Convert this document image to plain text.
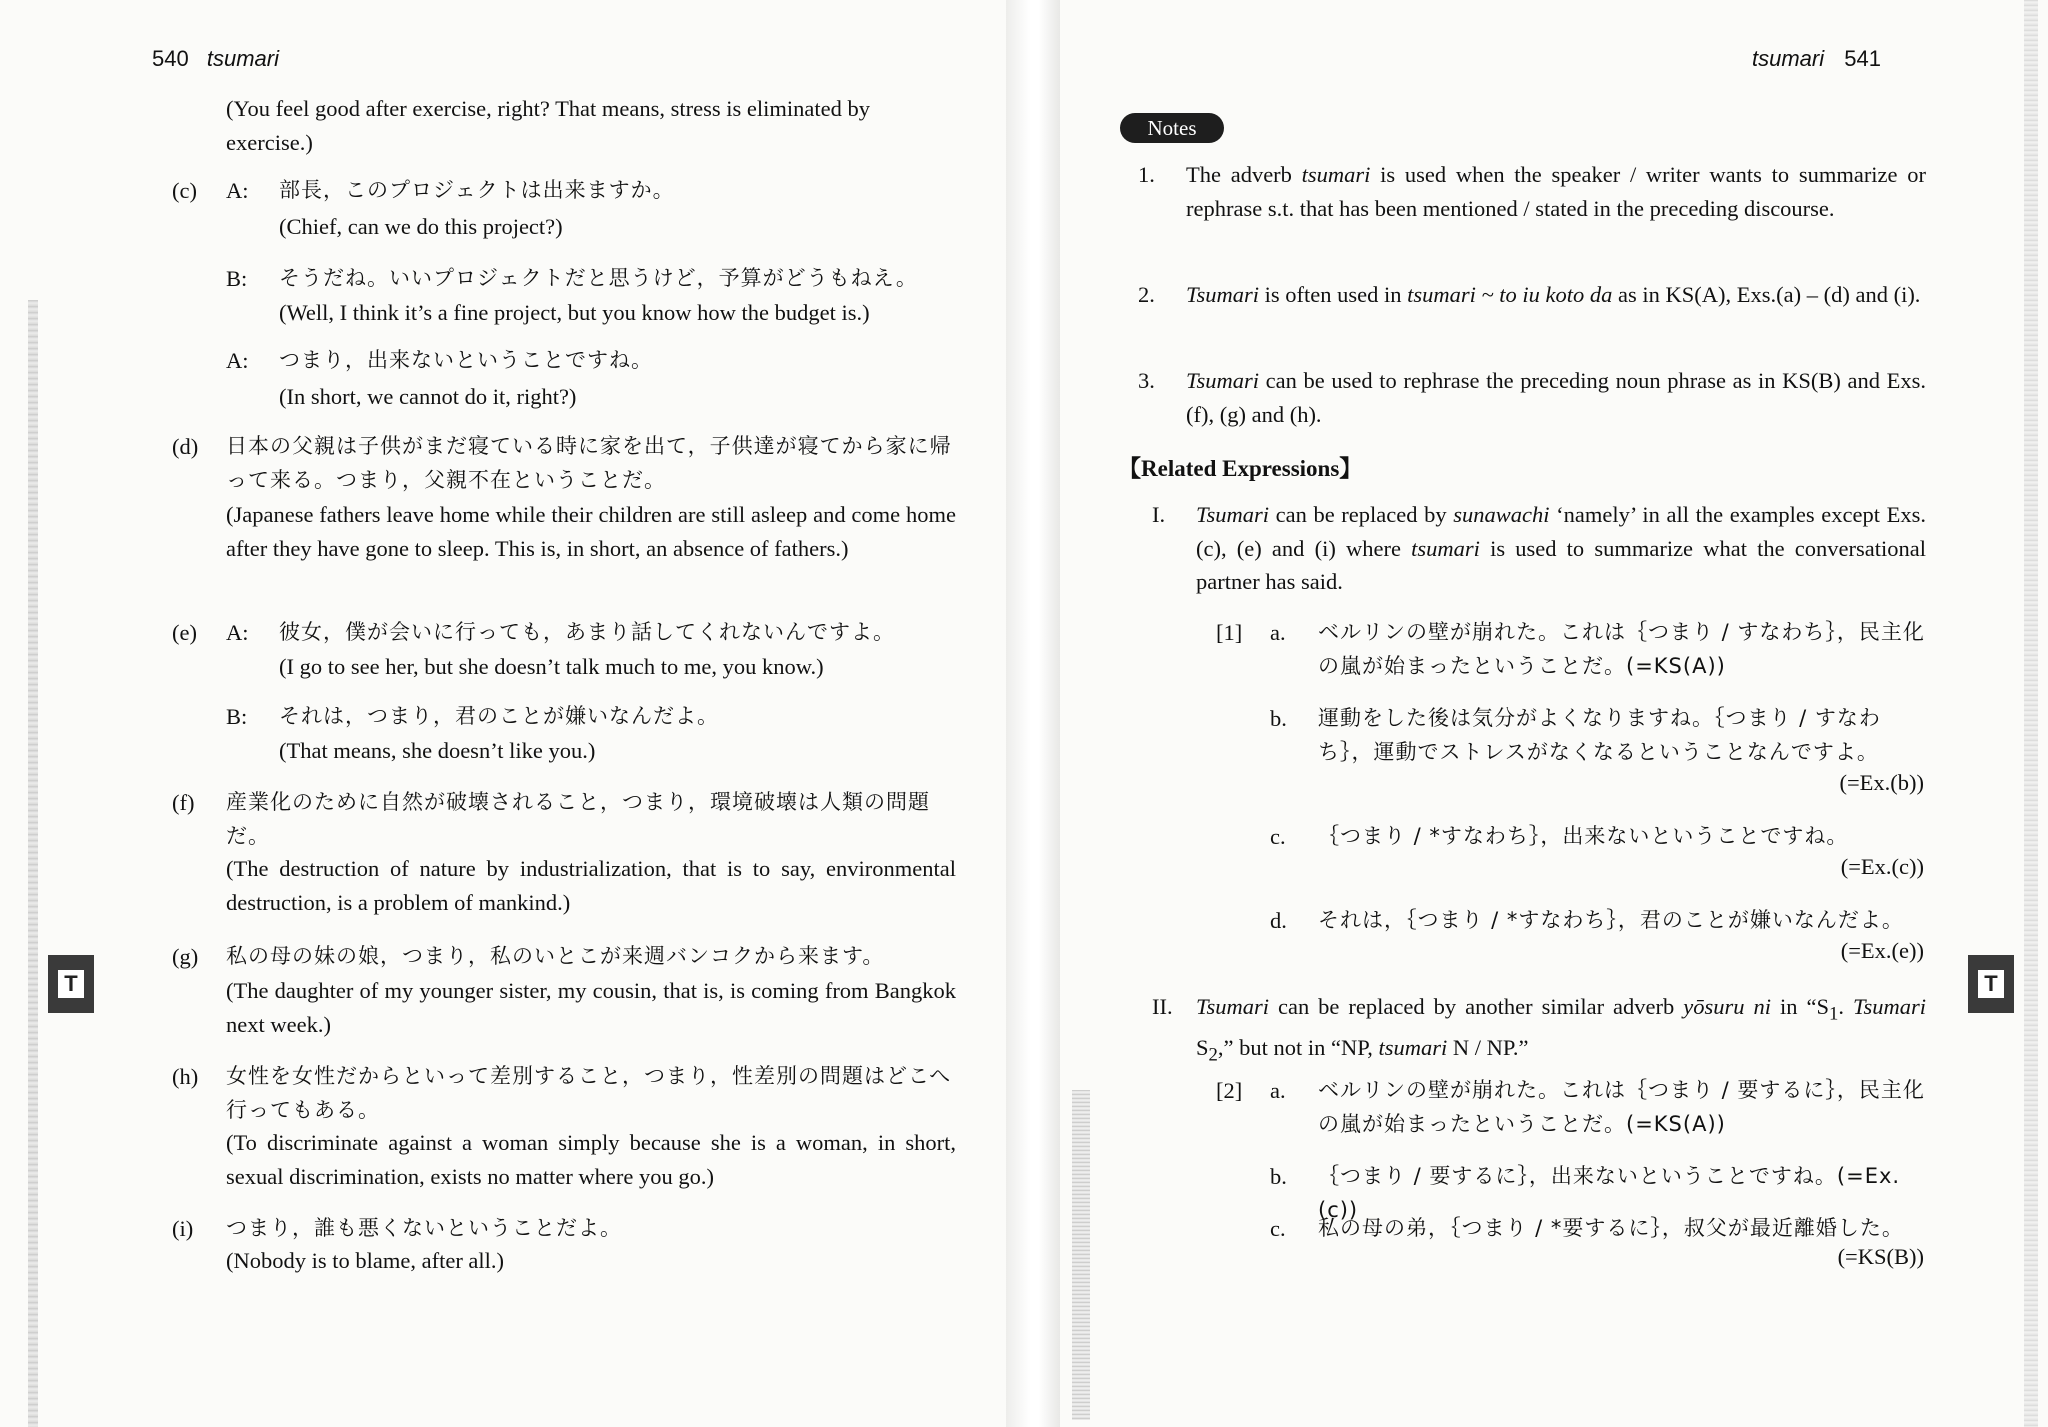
540 tsumari
(You feel good after exercise, right? That means, stress is eliminated by exercise.)
(c) A: 部長，このプロジェクトは出来ますか。
(Chief, can we do this project?)
B: そうだね。いいプロジェクトだと思うけど，予算がどうもねえ。
(Well, I think it’s a fine project, but you know how the budget is.)
A: つまり，出来ないということですね。
(In short, we cannot do it, right?)
(d) 日本の父親は子供がまだ寝ている時に家を出て，子供達が寝てから家に帰って来る。つまり，父親不在ということだ。
(Japanese fathers leave home while their children are still asleep and come home after they have gone to sleep. This is, in short, an absence of fathers.)
(e) A: 彼女，僕が会いに行っても，あまり話してくれないんですよ。
(I go to see her, but she doesn’t talk much to me, you know.)
B: それは，つまり，君のことが嫌いなんだよ。
(That means, she doesn’t like you.)
(f) 産業化のために自然が破壊されること，つまり，環境破壊は人類の問題だ。
(The destruction of nature by industrialization, that is to say, environmental destruction, is a problem of mankind.)
(g) 私の母の妹の娘，つまり，私のいとこが来週バンコクから来ます。
(The daughter of my younger sister, my cousin, that is, is coming from Bangkok next week.)
(h) 女性を女性だからといって差別すること，つまり，性差別の問題はどこへ行ってもある。
(To discriminate against a woman simply because she is a woman, in short, sexual discrimination, exists no matter where you go.)
(i) つまり，誰も悪くないということだよ。
(Nobody is to blame, after all.)
T
tsumari 541
Notes
1. The adverb tsumari is used when the speaker / writer wants to summarize or rephrase s.t. that has been mentioned / stated in the preceding discourse.
2. Tsumari is often used in tsumari ~ to iu koto da as in KS(A), Exs.(a) – (d) and (i).
3. Tsumari can be used to rephrase the preceding noun phrase as in KS(B) and Exs.(f), (g) and (h).
【Related Expressions】
I. Tsumari can be replaced by sunawachi ‘namely’ in all the examples except Exs.(c), (e) and (i) where tsumari is used to summarize what the conversational partner has said.
[1] a. ベルリンの壁が崩れた。これは｛つまり / すなわち｝，民主化の嵐が始まったということだ。(=KS(A))
b. 運動をした後は気分がよくなりますね。｛つまり / すなわち｝，運動でストレスがなくなるということなんですよ。
(=Ex.(b))
c. ｛つまり / *すなわち｝，出来ないということですね。
(=Ex.(c))
d. それは，｛つまり / *すなわち｝，君のことが嫌いなんだよ。
(=Ex.(e))
II. Tsumari can be replaced by another similar adverb yōsuru ni in “$S_1$. Tsumari $S_2$,” but not in “NP, tsumari N / NP.”
[2] a. ベルリンの壁が崩れた。これは｛つまり / 要するに｝，民主化の嵐が始まったということだ。(=KS(A))
b. ｛つまり / 要するに｝，出来ないということですね。(=Ex.(c))
c. 私の母の弟，｛つまり / *要するに｝，叔父が最近離婚した。
(=KS(B))
T
